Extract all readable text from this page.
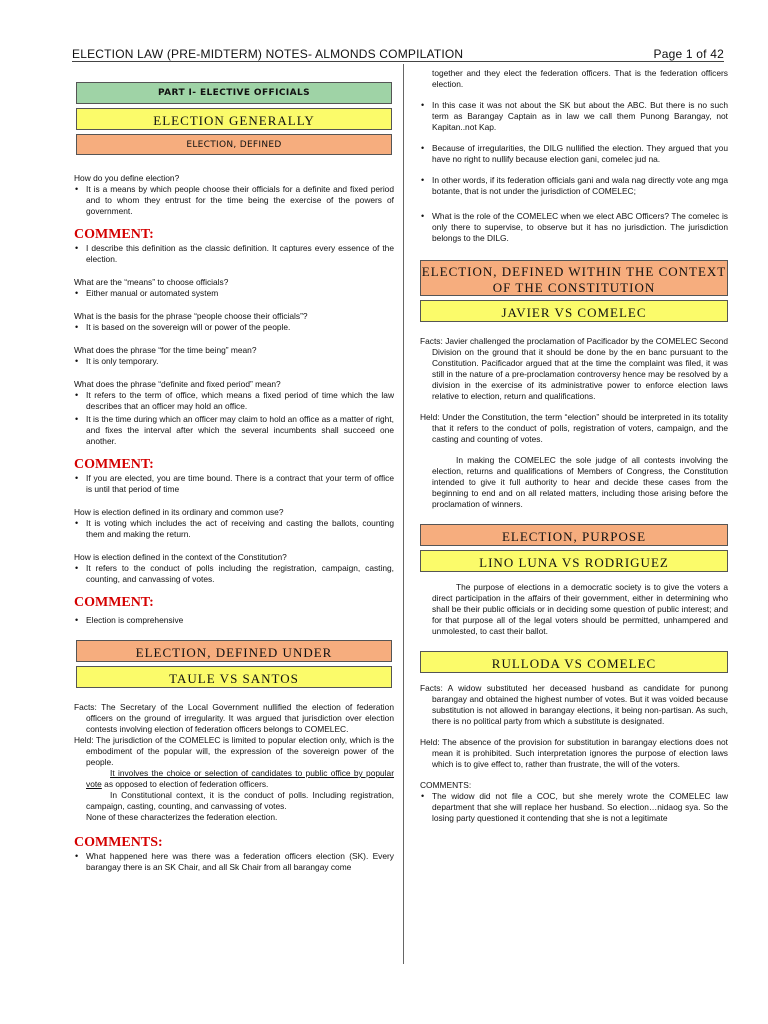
ELECTION LAW (PRE-MIDTERM) NOTES- ALMONDS COMPILATION	Page 1 of 42
PART I- ELECTIVE OFFICIALS
ELECTION GENERALLY
ELECTION, DEFINED
How do you define election?
• It is a means by which people choose their officials for a definite and fixed period and to whom they entrust for the time being the exercise of the powers of government.
COMMENT:
• I describe this definition as the classic definition. It captures every essence of the election.
What are the “means” to choose officials?
• Either manual or automated system
What is the basis for the phrase “people choose their officials”?
• It is based on the sovereign will or power of the people.
What does the phrase “for the time being” mean?
• It is only temporary.
What does the phrase “definite and fixed period” mean?
• It refers to the term of office, which means a fixed period of time which the law describes that an officer may hold an office.
• It is the time during which an officer may claim to hold an office as a matter of right, and fixes the interval after which the several incumbents shall succeed one another.
COMMENT:
• If you are elected, you are time bound. There is a contract that your term of office is until that period of time
How is election defined in its ordinary and common use?
• It is voting which includes the act of receiving and casting the ballots, counting them and making the return.
How is election defined in the context of the Constitution?
• It refers to the conduct of polls including the registration, campaign, casting, counting, and canvassing of votes.
COMMENT:
• Election is comprehensive
ELECTION, DEFINED UNDER
TAULE VS SANTOS
Facts: The Secretary of the Local Government nullified the election of federation officers on the ground of irregularity. It was argued that jurisdiction over election contests involving election of federation officers belongs to COMELEC.
Held: The jurisdiction of the COMELEC is limited to popular election only, which is the embodiment of the popular will, the expression of the sovereign power of the people.
It involves the choice or selection of candidates to public office by popular vote as opposed to election of federation officers.
In Constitutional context, it is the conduct of polls. Including registration, campaign, casting, counting, and canvassing of votes.
None of these characterizes the federation election.
COMMENTS:
• What happened here was there was a federation officers election (SK). Every barangay there is an SK Chair, and all Sk Chair from all barangay come
together and they elect the federation officers. That is the federation officers election.
• In this case it was not about the SK but about the ABC. But there is no such term as Barangay Captain as in law we call them Punong Barangay, not Kapitan..not Kap.
• Because of irregularities, the DILG nullified the election. They argued that you have no right to nullify because election gani, comelec jud na.
• In other words, if its federation officials gani and wala nag directly vote ang mga botante, that is not under the jurisdiction of COMELEC;
• What is the role of the COMELEC when we elect ABC Officers? The comelec is only there to supervise, to observe but it has no jurisdiction. The jurisdiction belongs to the DILG.
ELECTION, DEFINED WITHIN THE CONTEXT OF THE CONSTITUTION
JAVIER VS COMELEC
Facts: Javier challenged the proclamation of Pacificador by the COMELEC Second Division on the ground that it should be done by the en banc pursuant to the Constitution. Pacificador argued that at the time the complaint was filed, it was still in the nature of a pre-proclamation controversy hence may be resolved by a division in the exercise of its administrative power to enforce election laws relative to election, return and qualifications.
Held: Under the Constitution, the term “election” should be interpreted in its totality that it refers to the conduct of polls, registration of voters, campaign, and the casting and counting of votes.
In making the COMELEC the sole judge of all contests involving the election, returns and qualifications of Members of Congress, the Constitution intended to give it full authority to hear and decide these cases from the beginning to end and on all related matters, including those arising before the proclamation of winners.
ELECTION, PURPOSE
LINO LUNA VS RODRIGUEZ
The purpose of elections in a democratic society is to give the voters a direct participation in the affairs of their government, either in determining who shall be their public officials or in deciding some question of public interest; and for that purpose all of the legal voters should be permitted, unhampered and unmolested, to cast their ballot.
RULLODA VS COMELEC
Facts: A widow substituted her deceased husband as candidate for punong barangay and obtained the highest number of votes. But it was voided because substitution is not allowed in barangay elections, it being non-partisan. As such, there is no political party from which a substitute is designated.
Held: The absence of the provision for substitution in barangay elections does not mean it is prohibited. Such interpretation ignores the purpose of election laws which is to give effect to, rather than frustrate, the will of the voters.
COMMENTS:
• The widow did not file a COC, but she merely wrote the COMELEC law department that she will replace her husband. So election…nidaog sya. So the losing party questioned it contending that she is not a legitimate
